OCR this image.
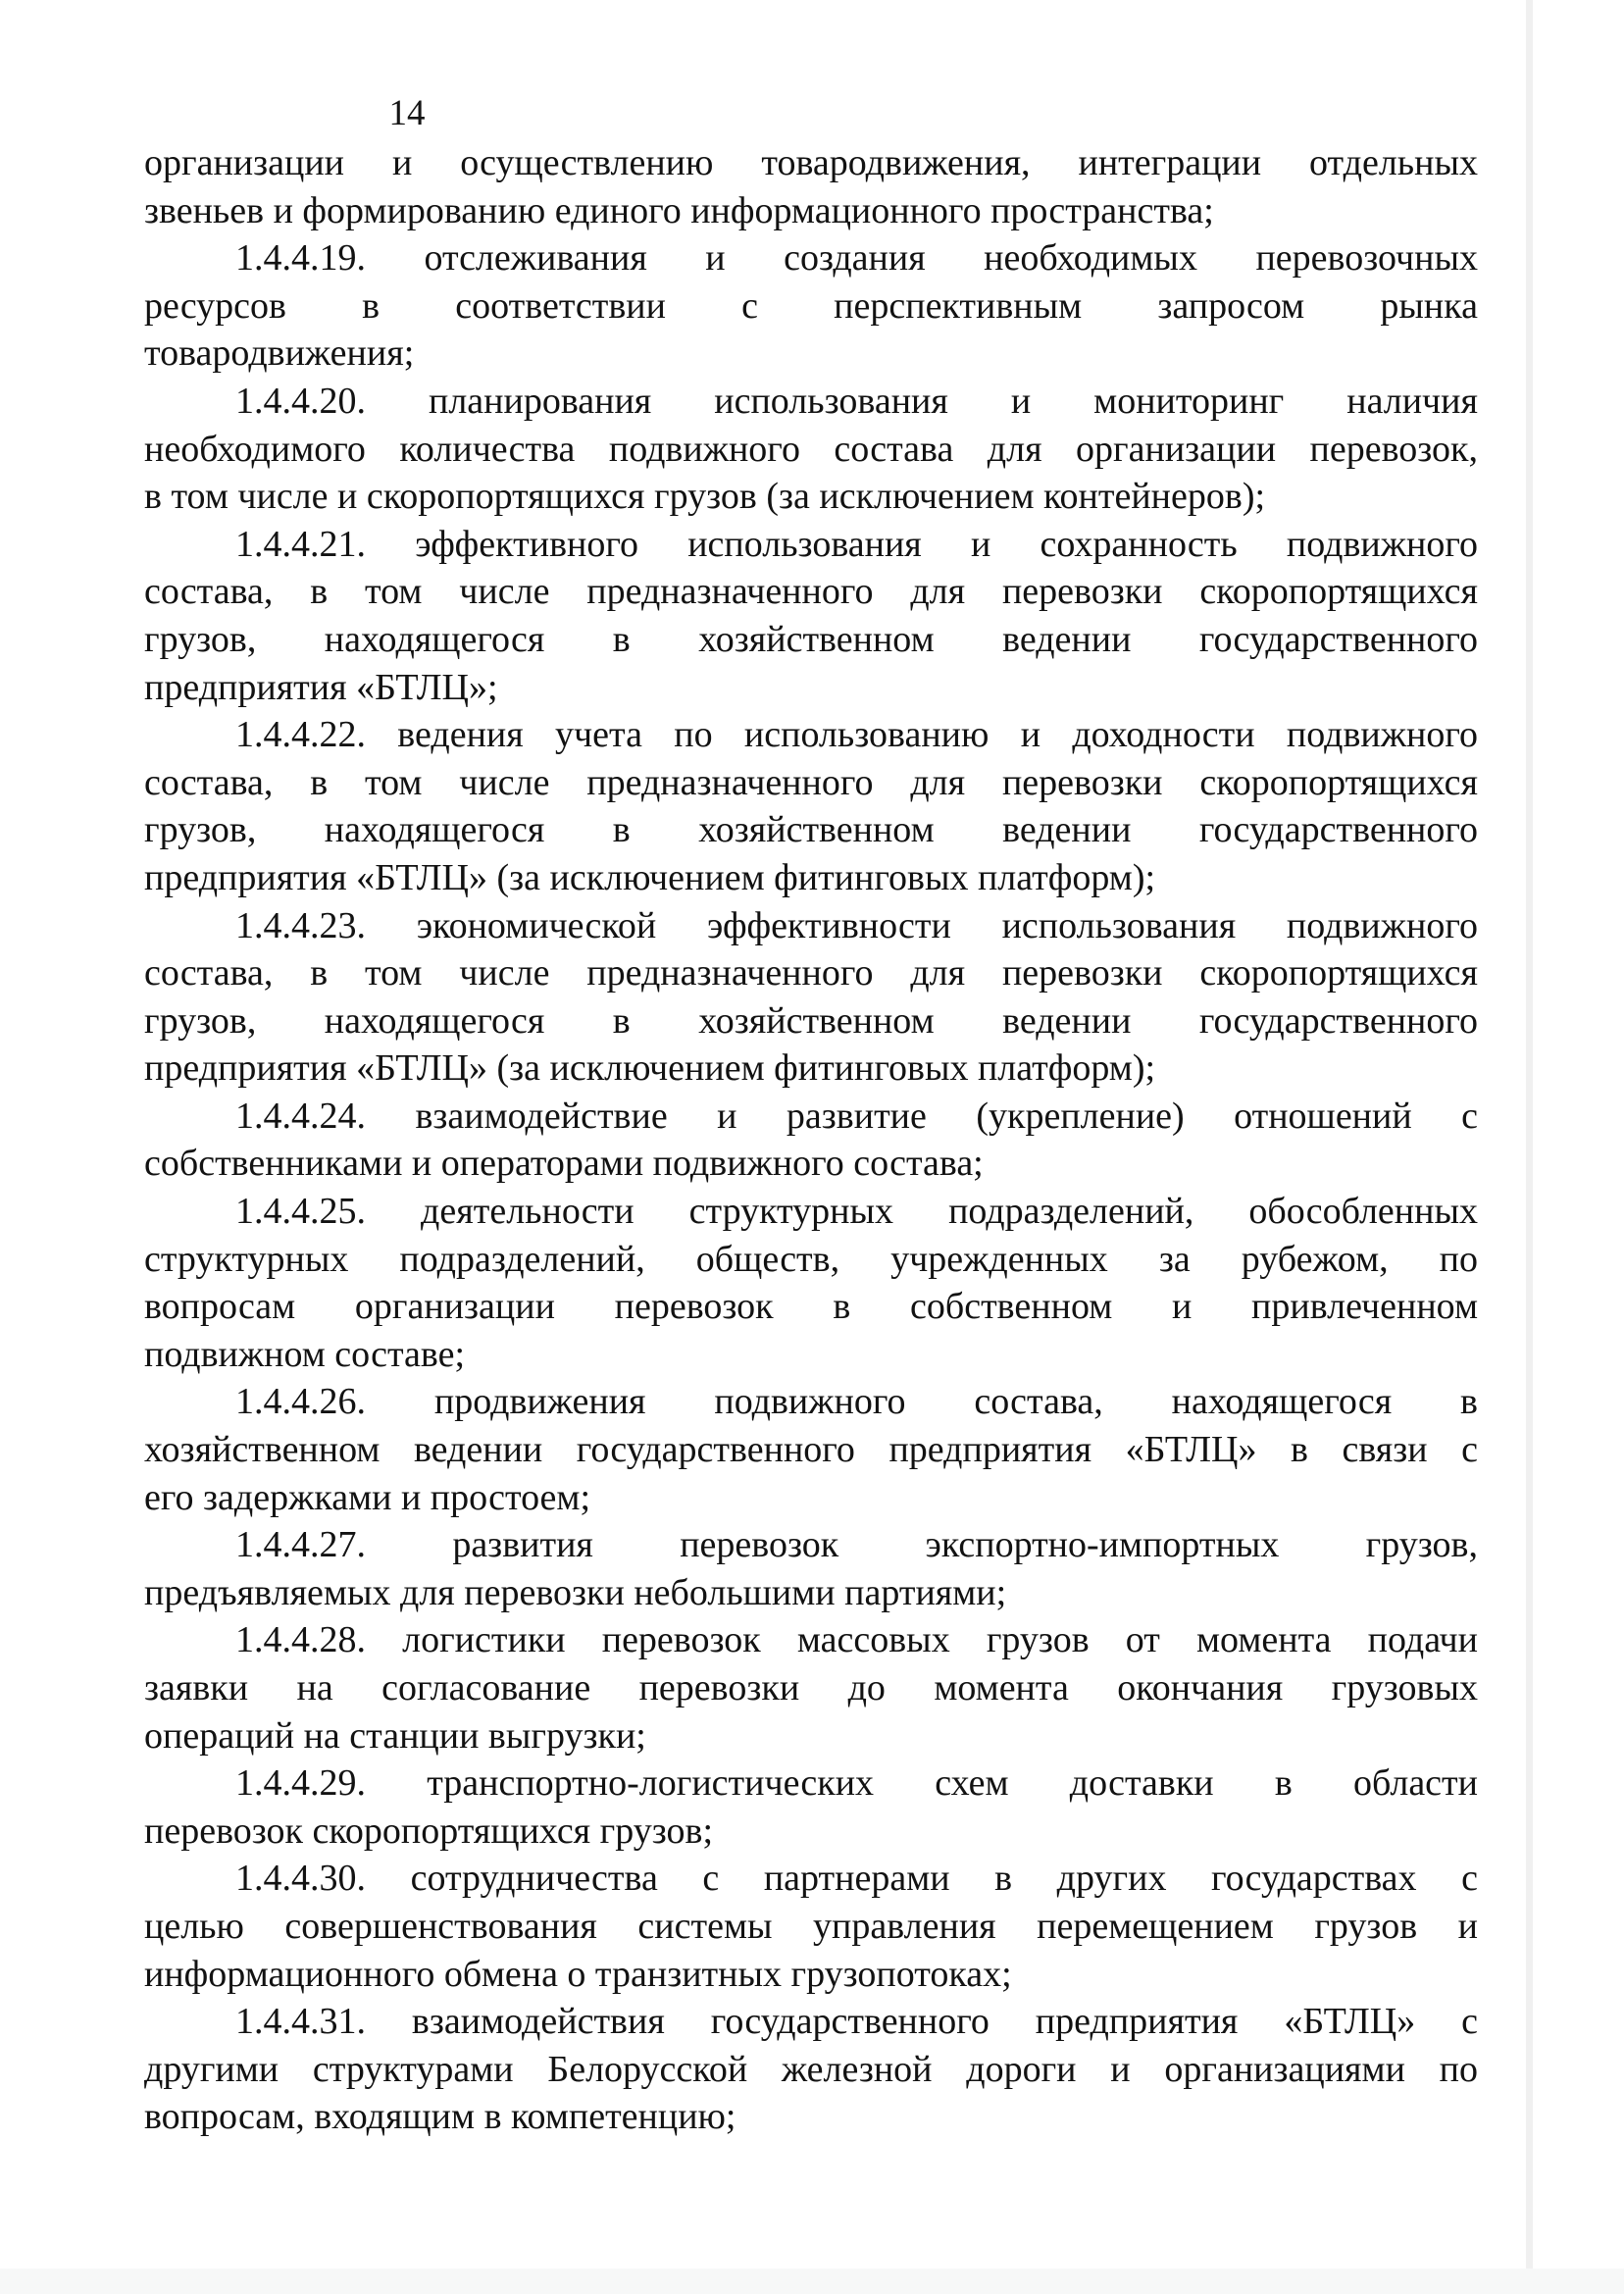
14
организации и осуществлению товародвижения, интеграции отдельных
звеньев и формированию единого информационного пространства;
1.4.4.19. отслеживания и создания необходимых перевозочных
ресурсов в соответствии с перспективным запросом рынка
товародвижения;
1.4.4.20. планирования использования и мониторинг наличия
необходимого количества подвижного состава для организации перевозок,
в том числе и скоропортящихся грузов (за исключением контейнеров);
1.4.4.21. эффективного использования и сохранность подвижного
состава, в том числе предназначенного для перевозки скоропортящихся
грузов, находящегося в хозяйственном ведении государственного
предприятия «БТЛЦ»;
1.4.4.22. ведения учета по использованию и доходности подвижного
состава, в том числе предназначенного для перевозки скоропортящихся
грузов, находящегося в хозяйственном ведении государственного
предприятия «БТЛЦ» (за исключением фитинговых платформ);
1.4.4.23. экономической эффективности использования подвижного
состава, в том числе предназначенного для перевозки скоропортящихся
грузов, находящегося в хозяйственном ведении государственного
предприятия «БТЛЦ» (за исключением фитинговых платформ);
1.4.4.24. взаимодействие и развитие (укрепление) отношений с
собственниками и операторами подвижного состава;
1.4.4.25. деятельности структурных подразделений, обособленных
структурных подразделений, обществ, учрежденных за рубежом, по
вопросам организации перевозок в собственном и привлеченном
подвижном составе;
1.4.4.26. продвижения подвижного состава, находящегося в
хозяйственном ведении государственного предприятия «БТЛЦ» в связи с
его задержками и простоем;
1.4.4.27. развития перевозок экспортно-импортных грузов,
предъявляемых для перевозки небольшими партиями;
1.4.4.28. логистики перевозок массовых грузов от момента подачи
заявки на согласование перевозки до момента окончания грузовых
операций на станции выгрузки;
1.4.4.29. транспортно-логистических схем доставки в области
перевозок скоропортящихся грузов;
1.4.4.30. сотрудничества с партнерами в других государствах с
целью совершенствования системы управления перемещением грузов и
информационного обмена о транзитных грузопотоках;
1.4.4.31. взаимодействия государственного предприятия «БТЛЦ» с
другими структурами Белорусской железной дороги и организациями по
вопросам, входящим в компетенцию;
